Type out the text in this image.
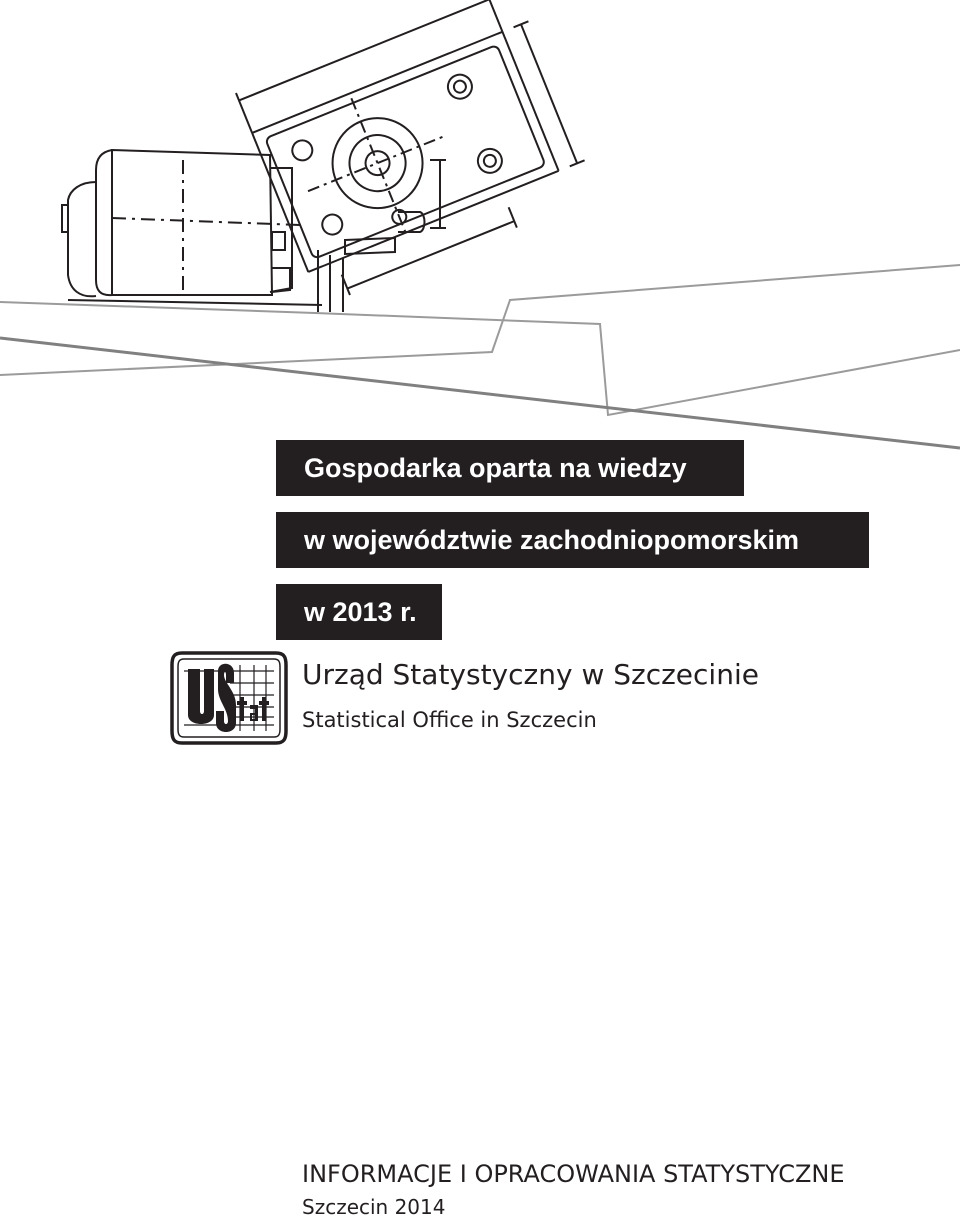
Gospodarka oparta na wiedzy
w województwie zachodniopomorskim
w 2013 r.
Urząd Statystyczny w Szczecinie
Statistical Office in Szczecin
INFORMACJE I OPRACOWANIA STATYSTYCZNE
Szczecin 2014
